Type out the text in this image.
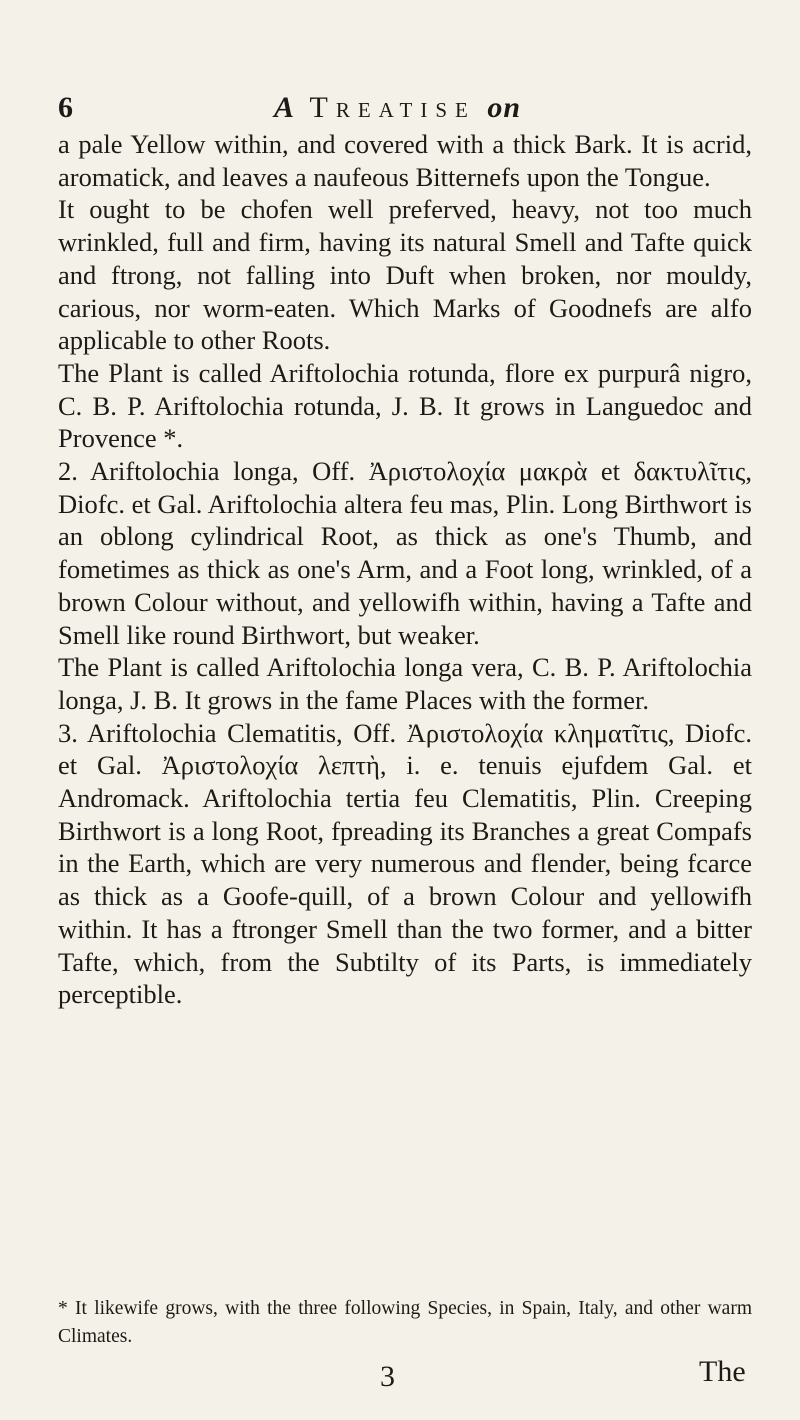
6	A Treatise on

a pale Yellow within, and covered with a thick Bark. It is acrid, aromatick, and leaves a naufeous Bitternefs upon the Tongue.

It ought to be chofen well preferved, heavy, not too much wrinkled, full and firm, having its natural Smell and Tafte quick and ftrong, not falling into Duft when broken, nor mouldy, carious, nor worm-eaten. Which Marks of Goodnefs are alfo applicable to other Roots.

The Plant is called Ariftolochia rotunda, flore ex purpurâ nigro, C. B. P. Ariftolochia rotunda, J. B. It grows in Languedoc and Provence *.

2. Ariftolochia longa, Off. Ἀριστολοχία μακρὰ et δακτυλῖτις, Diofc. et Gal. Ariftolochia altera feu mas, Plin. Long Birthwort is an oblong cylindrical Root, as thick as one's Thumb, and fometimes as thick as one's Arm, and a Foot long, wrinkled, of a brown Colour without, and yellowifh within, having a Tafte and Smell like round Birthwort, but weaker.

The Plant is called Ariftolochia longa vera, C. B. P. Ariftolochia longa, J. B. It grows in the fame Places with the former.

3. Ariftolochia Clematitis, Off. Ἀριστολοχία κληματῖτις, Diofc. et Gal. Ἀριστολοχία λεπτὴ, i. e. tenuis ejufdem Gal. et Andromack. Ariftolochia tertia feu Clematitis, Plin. Creeping Birthwort is a long Root, fpreading its Branches a great Compafs in the Earth, which are very numerous and flender, being fcarce as thick as a Goofe-quill, of a brown Colour and yellowifh within. It has a ftronger Smell than the two former, and a bitter Tafte, which, from the Subtilty of its Parts, is immediately perceptible.

* It likewife grows, with the three following Species, in Spain, Italy, and other warm Climates.
3	The
